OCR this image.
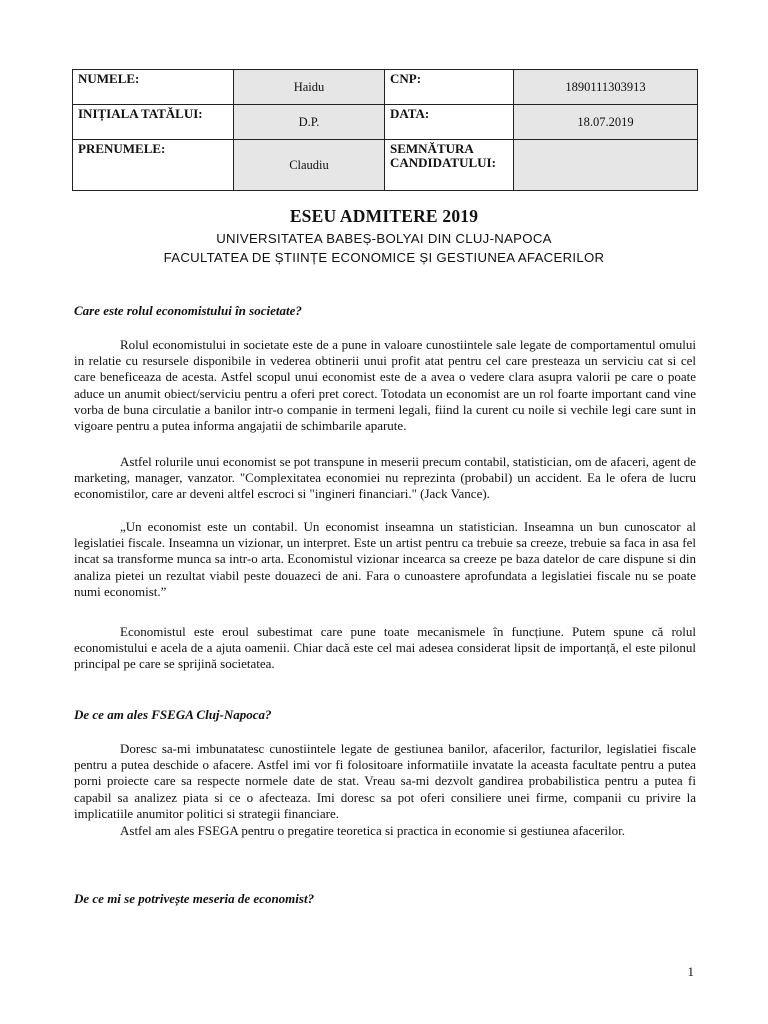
NUMELE:	Haidu	CNP:	1890111303913
INIȚIALA TATĂLUI:	D.P.	DATA:	18.07.2019
PRENUMELE:	Claudiu	SEMNĂTURA CANDIDATULUI:	
ESEU ADMITERE 2019

UNIVERSITATEA BABEȘ-BOLYAI DIN CLUJ-NAPOCA

FACULTATEA DE ȘTIINȚE ECONOMICE ȘI GESTIUNEA AFACERILOR

Care este rolul economistului în societate?

Rolul economistului in societate este de a pune in valoare cunostiintele sale legate de comportamentul omului in relatie cu resursele disponibile in vederea obtinerii unui profit atat pentru cel care presteaza un serviciu cat si cel care beneficeaza de acesta. Astfel scopul unui economist este de a avea o vedere clara asupra valorii pe care o poate aduce un anumit obiect/serviciu pentru a oferi pret corect. Totodata un economist are un rol foarte important cand vine vorba de buna circulatie a banilor intr-o companie in termeni legali, fiind la curent cu noile si vechile legi care sunt in vigoare pentru a putea informa angajatii de schimbarile aparute.

Astfel rolurile unui economist se pot transpune in meserii precum contabil, statistician, om de afaceri, agent de marketing, manager, vanzator. "Complexitatea economiei nu reprezinta (probabil) un accident. Ea le ofera de lucru economistilor, care ar deveni altfel escroci si "ingineri financiari." (Jack Vance).

„Un economist este un contabil. Un economist inseamna un statistician. Inseamna un bun cunoscator al legislatiei fiscale. Inseamna un vizionar, un interpret. Este un artist pentru ca trebuie sa creeze, trebuie sa faca in asa fel incat sa transforme munca sa intr-o arta. Economistul vizionar incearca sa creeze pe baza datelor de care dispune si din analiza pietei un rezultat viabil peste douazeci de ani. Fara o cunoastere aprofundata a legislatiei fiscale nu se poate numi economist.”

Economistul este eroul subestimat care pune toate mecanismele în funcțiune. Putem spune că rolul economistului e acela de a ajuta oamenii. Chiar dacă este cel mai adesea considerat lipsit de importanță, el este pilonul principal pe care se sprijină societatea.

De ce am ales FSEGA Cluj-Napoca?

Doresc sa-mi imbunatatesc cunostiintele legate de gestiunea banilor, afacerilor, facturilor, legislatiei fiscale pentru a putea deschide o afacere. Astfel imi vor fi folositoare informatiile invatate la aceasta facultate pentru a putea porni proiecte care sa respecte normele date de stat. Vreau sa-mi dezvolt gandirea probabilistica pentru a putea fi capabil sa analizez piata si ce o afecteaza. Imi doresc sa pot oferi consiliere unei firme, companii cu privire la implicatiile anumitor politici si strategii financiare.

Astfel am ales FSEGA pentru o pregatire teoretica si practica in economie si gestiunea afacerilor.

De ce mi se potrivește meseria de economist?

1
